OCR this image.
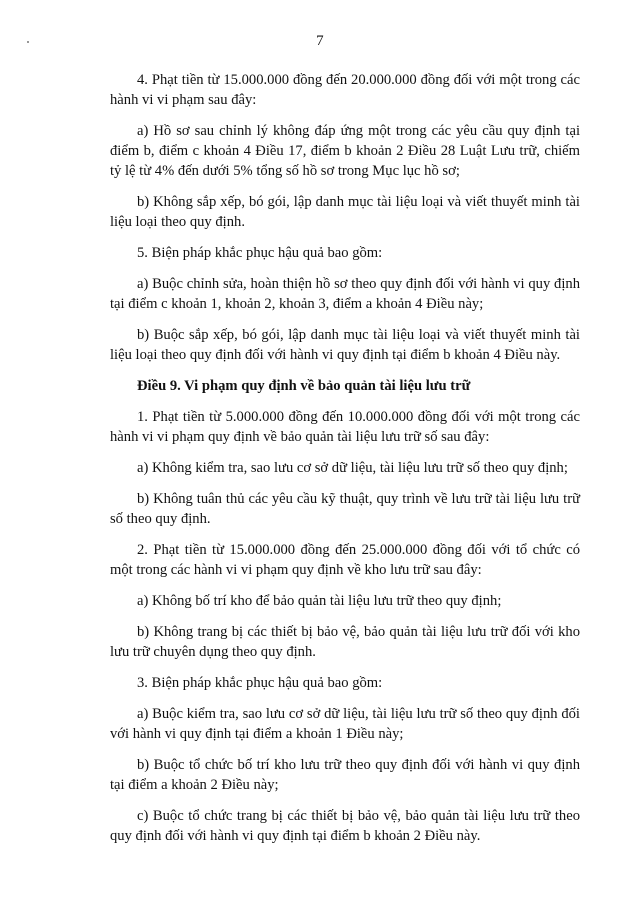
7

4. Phạt tiền từ 15.000.000 đồng đến 20.000.000 đồng đối với một trong các hành vi vi phạm sau đây:

a) Hồ sơ sau chỉnh lý không đáp ứng một trong các yêu cầu quy định tại điểm b, điểm c khoản 4 Điều 17, điểm b khoản 2 Điều 28 Luật Lưu trữ, chiếm tỷ lệ từ 4% đến dưới 5% tổng số hồ sơ trong Mục lục hồ sơ;

b) Không sắp xếp, bó gói, lập danh mục tài liệu loại và viết thuyết minh tài liệu loại theo quy định.

5. Biện pháp khắc phục hậu quả bao gồm:

a) Buộc chỉnh sửa, hoàn thiện hồ sơ theo quy định đối với hành vi quy định tại điểm c khoản 1, khoản 2, khoản 3, điểm a khoản 4 Điều này;

b) Buộc sắp xếp, bó gói, lập danh mục tài liệu loại và viết thuyết minh tài liệu loại theo quy định đối với hành vi quy định tại điểm b khoản 4 Điều này.

Điều 9. Vi phạm quy định về bảo quản tài liệu lưu trữ

1. Phạt tiền từ 5.000.000 đồng đến 10.000.000 đồng đối với một trong các hành vi vi phạm quy định về bảo quản tài liệu lưu trữ số sau đây:

a) Không kiểm tra, sao lưu cơ sở dữ liệu, tài liệu lưu trữ số theo quy định;

b) Không tuân thủ các yêu cầu kỹ thuật, quy trình về lưu trữ tài liệu lưu trữ số theo quy định.

2. Phạt tiền từ 15.000.000 đồng đến 25.000.000 đồng đối với tổ chức có một trong các hành vi vi phạm quy định về kho lưu trữ sau đây:

a) Không bố trí kho để bảo quản tài liệu lưu trữ theo quy định;

b) Không trang bị các thiết bị bảo vệ, bảo quản tài liệu lưu trữ đối với kho lưu trữ chuyên dụng theo quy định.

3. Biện pháp khắc phục hậu quả bao gồm:

a) Buộc kiểm tra, sao lưu cơ sở dữ liệu, tài liệu lưu trữ số theo quy định đối với hành vi quy định tại điểm a khoản 1 Điều này;

b) Buộc tổ chức bố trí kho lưu trữ theo quy định đối với hành vi quy định tại điểm a khoản 2 Điều này;

c) Buộc tổ chức trang bị các thiết bị bảo vệ, bảo quản tài liệu lưu trữ theo quy định đối với hành vi quy định tại điểm b khoản 2 Điều này.
